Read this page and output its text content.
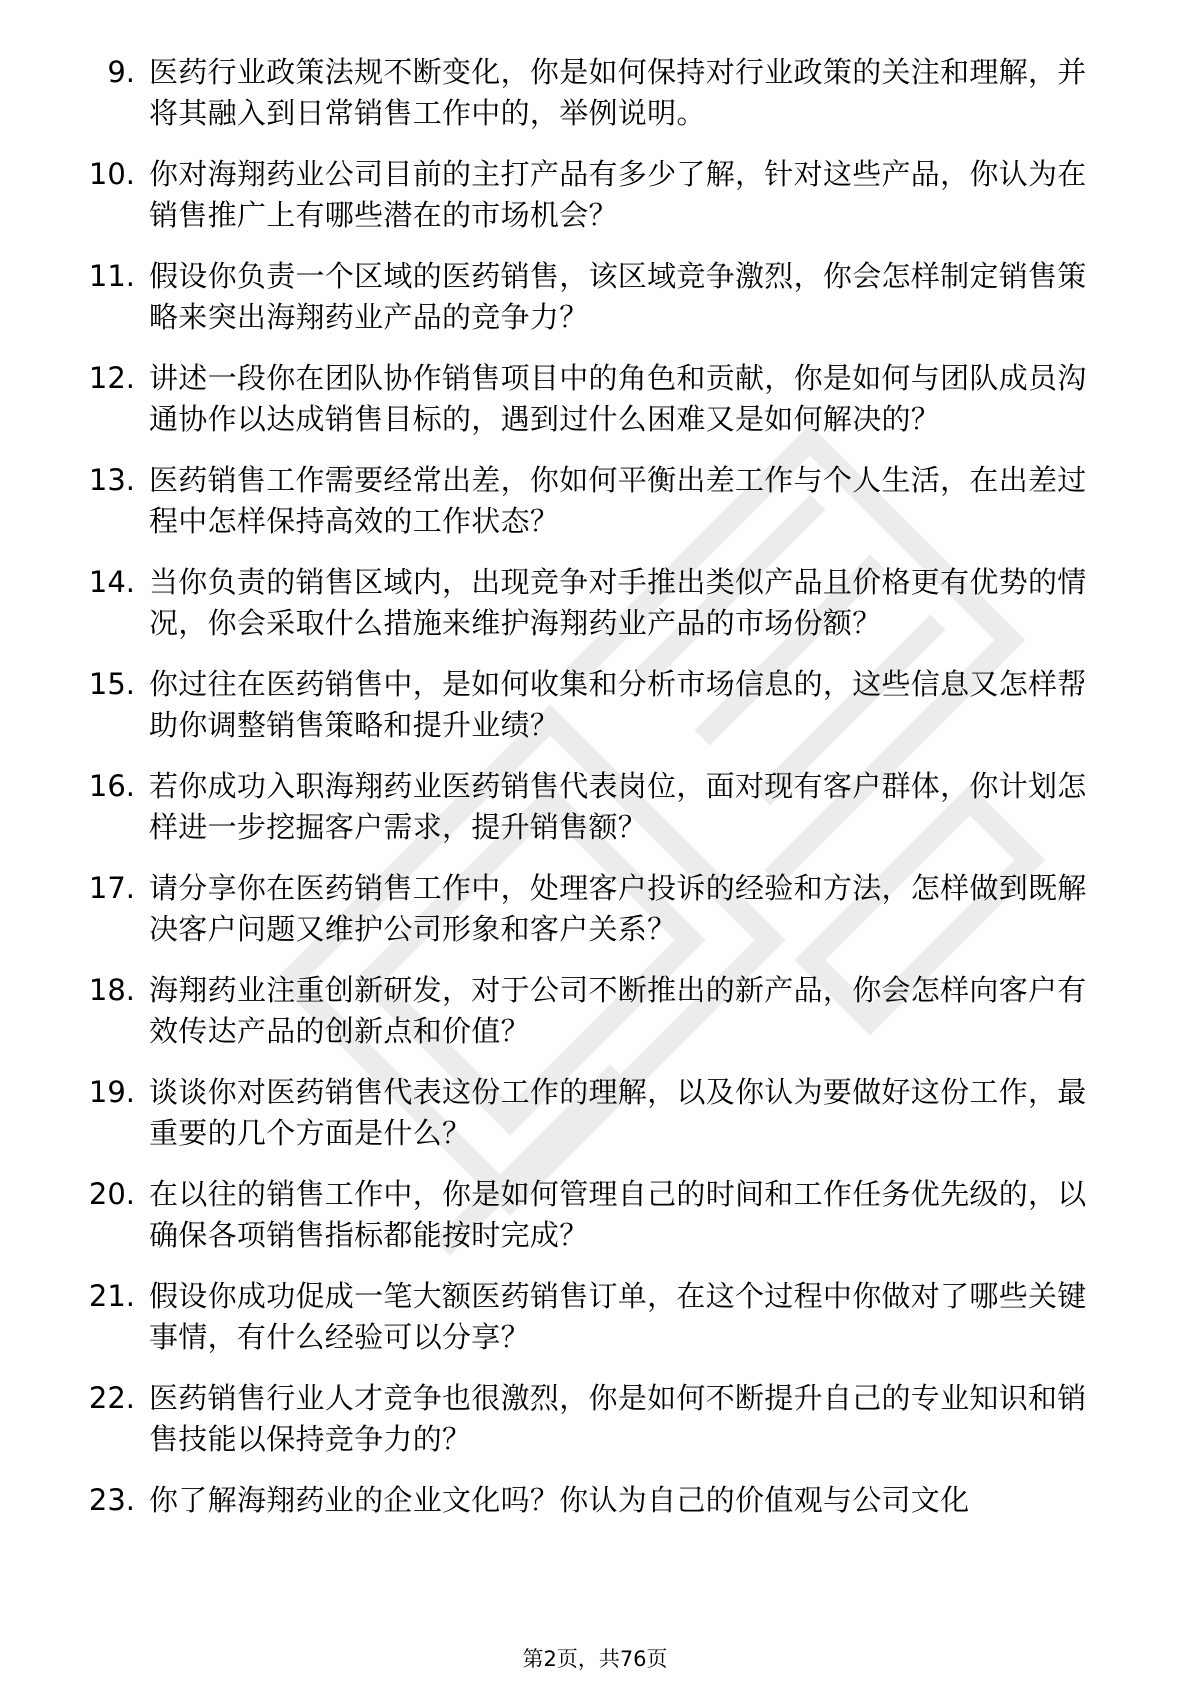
9. 医药行业政策法规不断变化，你是如何保持对行业政策的关注和理解，并将其融入到日常销售工作中的，举例说明。
10. 你对海翔药业公司目前的主打产品有多少了解，针对这些产品，你认为在销售推广上有哪些潜在的市场机会？
11. 假设你负责一个区域的医药销售，该区域竞争激烈，你会怎样制定销售策略来突出海翔药业产品的竞争力？
12. 讲述一段你在团队协作销售项目中的角色和贡献，你是如何与团队成员沟通协作以达成销售目标的，遇到过什么困难又是如何解决的？
13. 医药销售工作需要经常出差，你如何平衡出差工作与个人生活，在出差过程中怎样保持高效的工作状态？
14. 当你负责的销售区域内，出现竞争对手推出类似产品且价格更有优势的情况，你会采取什么措施来维护海翔药业产品的市场份额？
15. 你过往在医药销售中，是如何收集和分析市场信息的，这些信息又怎样帮助你调整销售策略和提升业绩？
16. 若你成功入职海翔药业医药销售代表岗位，面对现有客户群体，你计划怎样进一步挖掘客户需求，提升销售额？
17. 请分享你在医药销售工作中，处理客户投诉的经验和方法，怎样做到既解决客户问题又维护公司形象和客户关系？
18. 海翔药业注重创新研发，对于公司不断推出的新产品，你会怎样向客户有效传达产品的创新点和价值？
19. 谈谈你对医药销售代表这份工作的理解，以及你认为要做好这份工作，最重要的几个方面是什么？
20. 在以往的销售工作中，你是如何管理自己的时间和工作任务优先级的，以确保各项销售指标都能按时完成？
21. 假设你成功促成一笔大额医药销售订单，在这个过程中你做对了哪些关键事情，有什么经验可以分享？
22. 医药销售行业人才竞争也很激烈，你是如何不断提升自己的专业知识和销售技能以保持竞争力的？
23. 你了解海翔药业的企业文化吗？你认为自己的价值观与公司文化
第2页，共76页
